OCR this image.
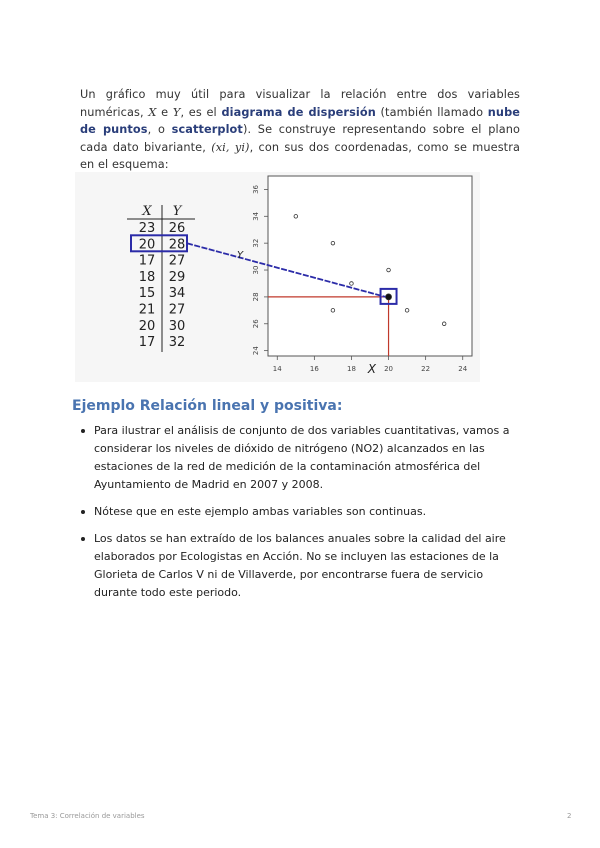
Un gráfico muy útil para visualizar la relación entre dos variables numéricas, X e Y, es el diagrama de dispersión (también llamado nube de puntos, o scatterplot). Se construye representando sobre el plano cada dato bivariante, (xi, yi), con sus dos coordenadas, como se muestra en el esquema:

X Y
23 26
20 28
17 27
18 29
15 34
21 27
20 30
17 32
14	16	18	20	22	24
24
26
28
30
32
34
36
X
Y
Ejemplo Relación lineal y positiva:
Para ilustrar el análisis de conjunto de dos variables cuantitativas, vamos a considerar los niveles de dióxido de nitrógeno (NO2) alcanzados en las estaciones de la red de medición de la contaminación atmosférica del Ayuntamiento de Madrid en 2007 y 2008.
Nótese que en este ejemplo ambas variables son continuas.
Los datos se han extraído de los balances anuales sobre la calidad del aire elaborados por Ecologistas en Acción. No se incluyen las estaciones de la Glorieta de Carlos V ni de Villaverde, por encontrarse fuera de servicio durante todo este periodo.
Tema 3: Correlación de variables	2
